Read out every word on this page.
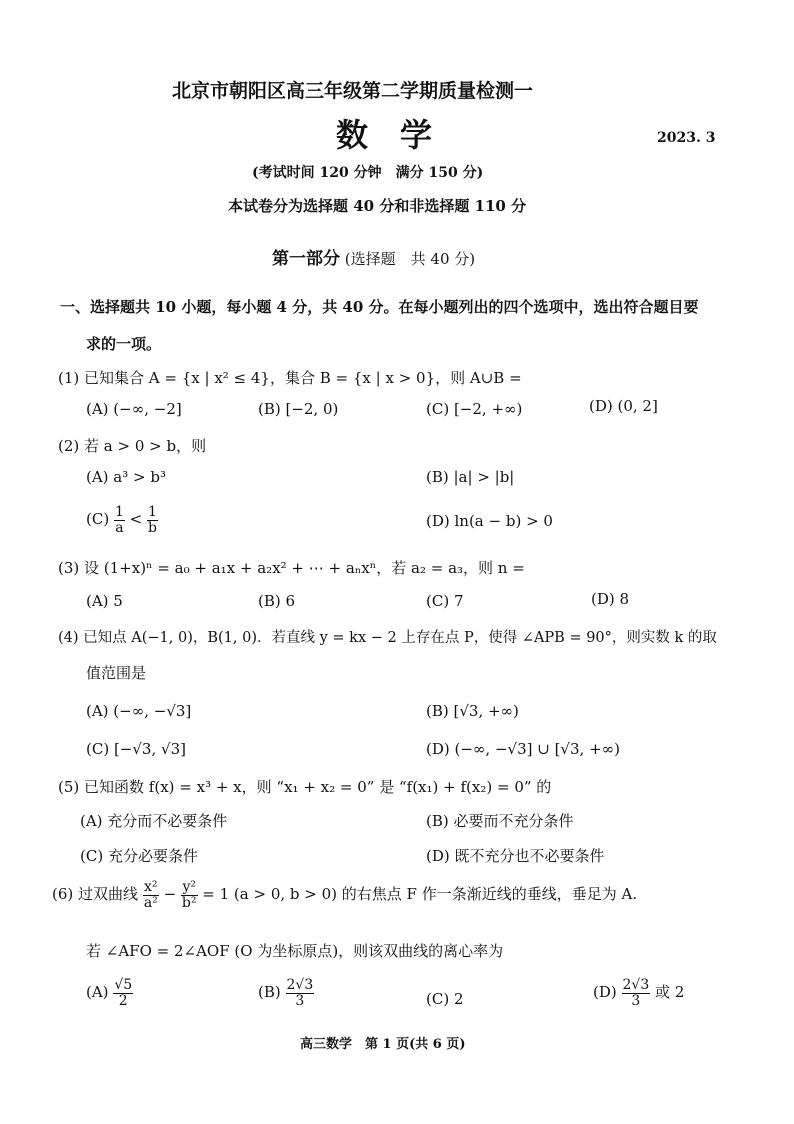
北京市朝阳区高三年级第二学期质量检测一
数　学	2023. 3
(考试时间 120 分钟　满分 150 分)
本试卷分为选择题 40 分和非选择题 110 分
第一部分 (选择题　共 40 分)
一、选择题共 10 小题，每小题 4 分，共 40 分。在每小题列出的四个选项中，选出符合题目要
求的一项。
(1) 已知集合 A = {x | x² ≤ 4}，集合 B = {x | x > 0}，则 A∪B =
(A) (−∞, −2]	(B) [−2, 0)	(C) [−2, +∞)	(D) (0, 2]
(2) 若 a > 0 > b，则
(A) a³ > b³	(B) |a| > |b|
$(C) \frac{1}{a} < \frac{1}{b}$	(D) ln(a − b) > 0
(3) 设 (1+x)ⁿ = a₀ + a₁x + a₂x² + ⋯ + aₙxⁿ，若 a₂ = a₃，则 n =
(A) 5	(B) 6	(C) 7	(D) 8
(4) 已知点 A(−1, 0)，B(1, 0)．若直线 y = kx − 2 上存在点 P，使得 ∠APB = 90°，则实数 k 的取
值范围是
(A) (−∞, −√3]	(B) [√3, +∞)
(C) [−√3, √3]	(D) (−∞, −√3] ∪ [√3, +∞)
(5) 已知函数 f(x) = x³ + x，则 “x₁ + x₂ = 0” 是 “f(x₁) + f(x₂) = 0” 的
(A) 充分而不必要条件	(B) 必要而不充分条件
(C) 充分必要条件	(D) 既不充分也不必要条件
(6) 过双曲线 $\frac{\text{x²}}{\text{a²}} - \frac{\text{y²}}{\text{b²}} = 1$ (a > 0, b > 0) 的右焦点 F 作一条渐近线的垂线，垂足为 A.
若 ∠AFO = 2∠AOF (O 为坐标原点)，则该双曲线的离心率为
$(A) \frac{√5}{2}$	$(B) \frac{2√3}{3}$	(C) 2	$(D) \frac{2√3}{3}$ 或 2
高三数学　第 1 页(共 6 页)
